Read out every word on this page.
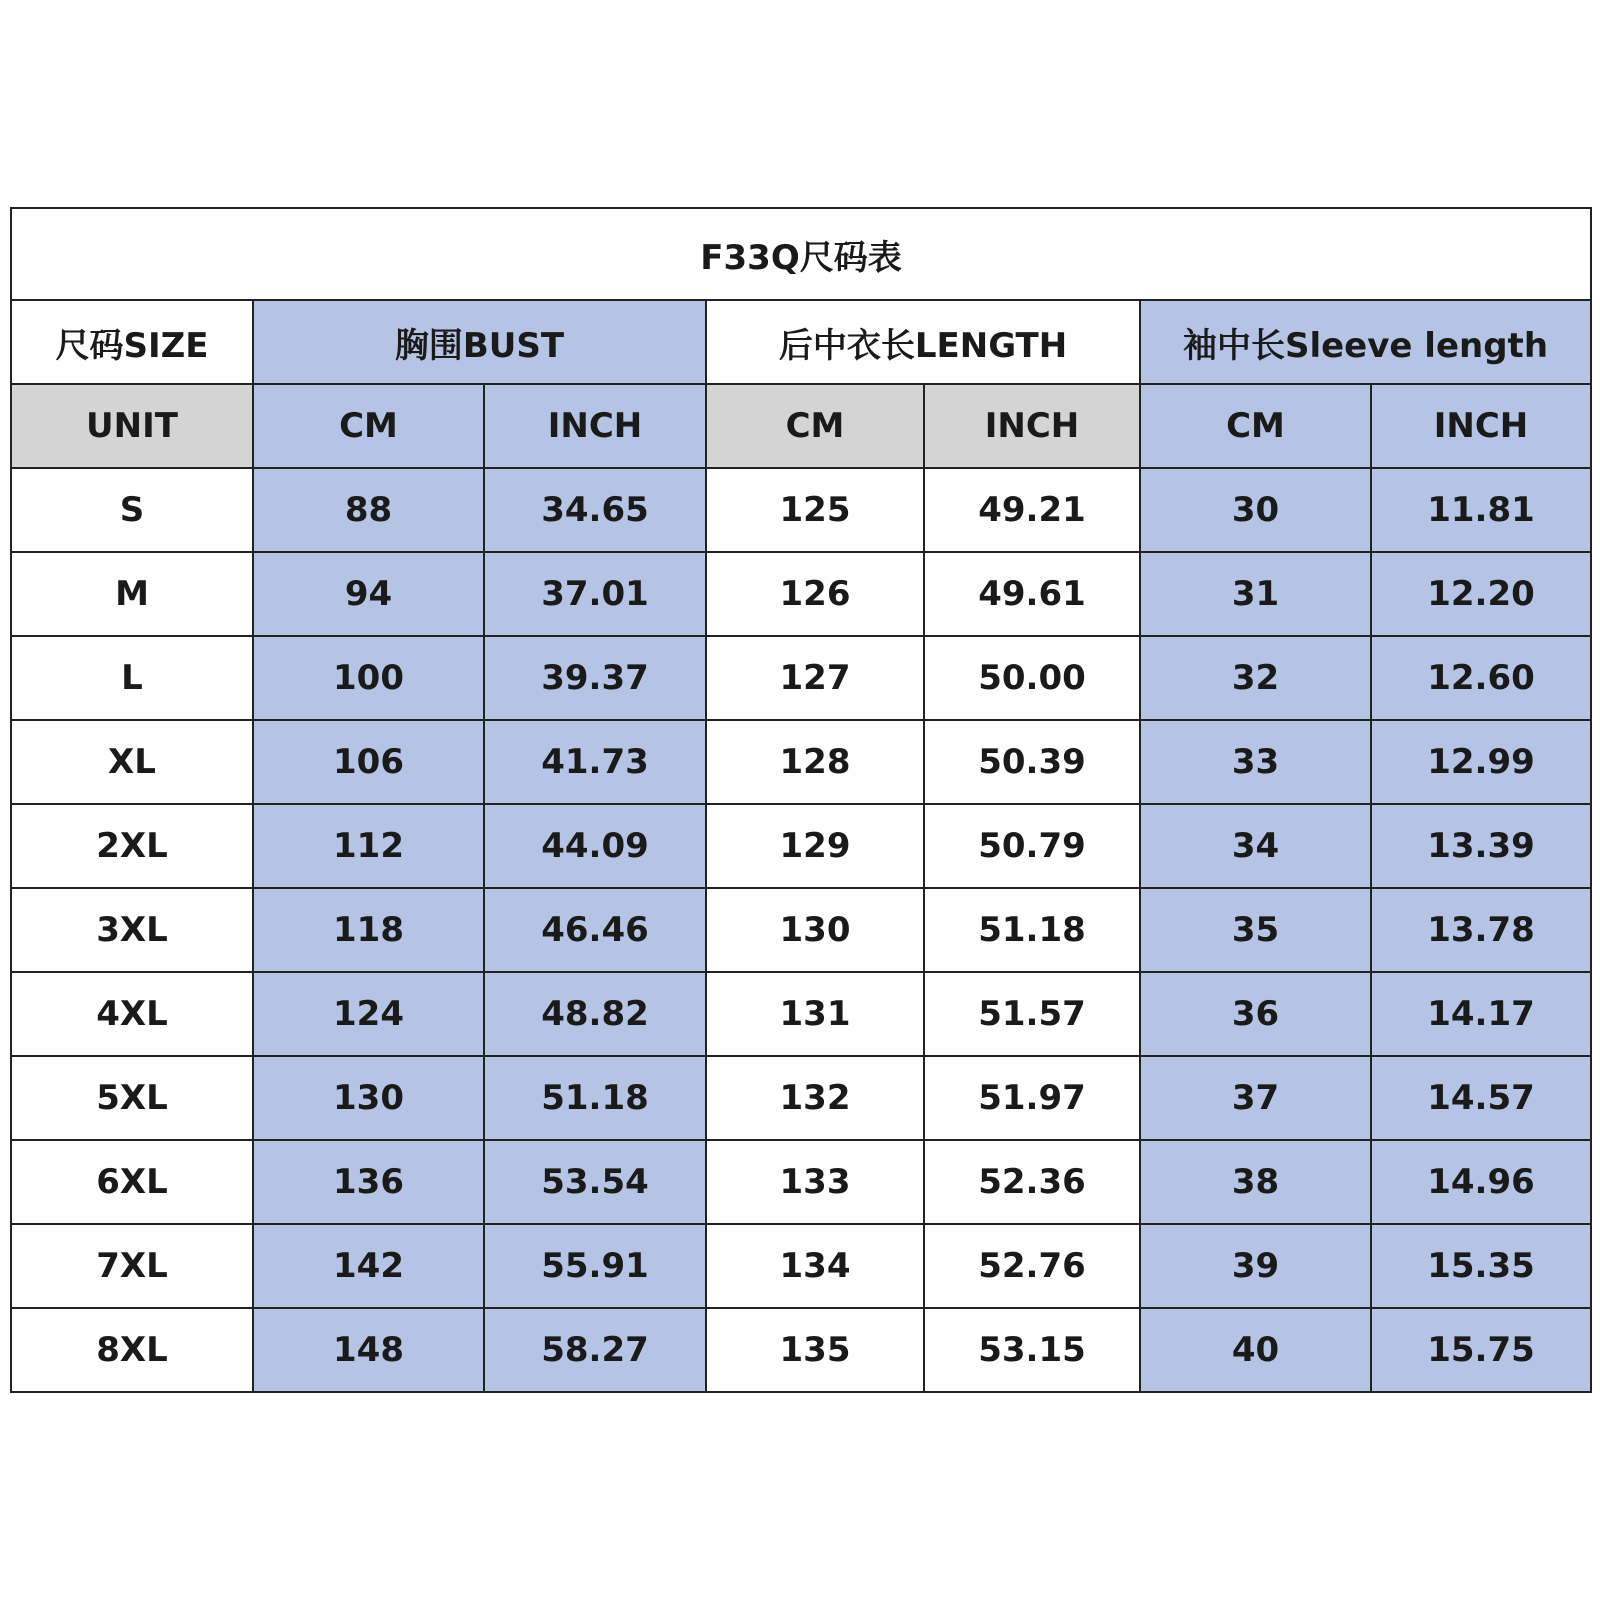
F33Q尺码表						
尺码SIZE	胸围BUST		后中衣长LENGTH		袖中长Sleeve length	
UNIT	CM	INCH	CM	INCH	CM	INCH
S	88	34.65	125	49.21	30	11.81
M	94	37.01	126	49.61	31	12.20
L	100	39.37	127	50.00	32	12.60
XL	106	41.73	128	50.39	33	12.99
2XL	112	44.09	129	50.79	34	13.39
3XL	118	46.46	130	51.18	35	13.78
4XL	124	48.82	131	51.57	36	14.17
5XL	130	51.18	132	51.97	37	14.57
6XL	136	53.54	133	52.36	38	14.96
7XL	142	55.91	134	52.76	39	15.35
8XL	148	58.27	135	53.15	40	15.75
